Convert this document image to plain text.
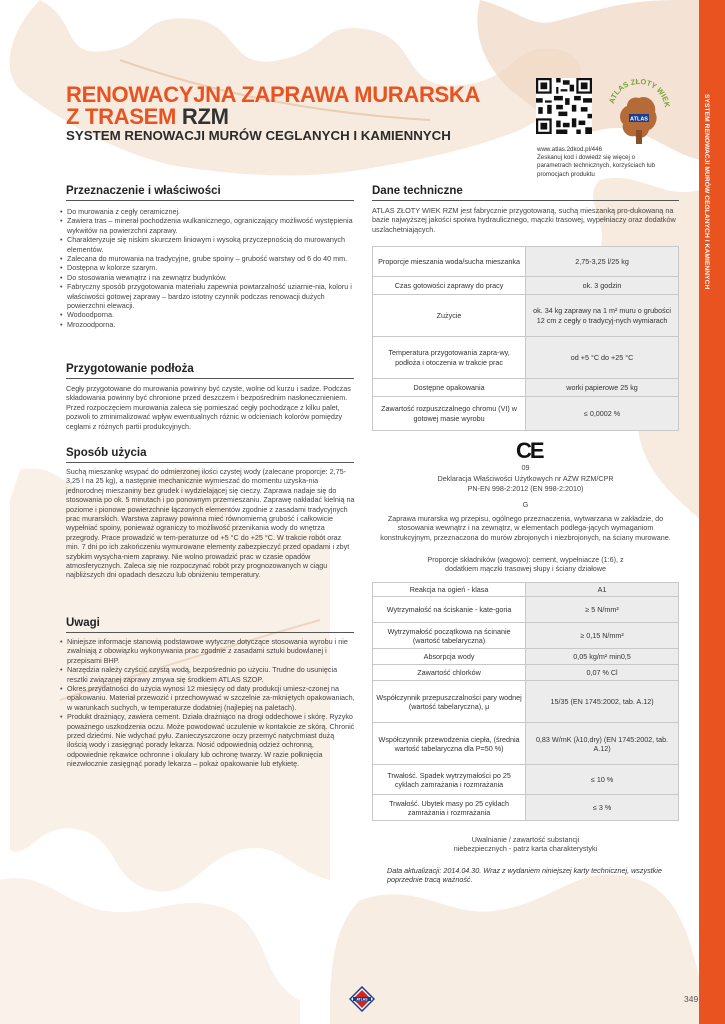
SYSTEM RENOWACJI MURÓW CEGLANYCH I KAMIENNYCH
RENOWACYJNA ZAPRAWA MURARSKA
Z TRASEM RZM
SYSTEM RENOWACJI MURÓW CEGLANYCH I KAMIENNYCH
ATLAS ZŁOTY WIEK
ATLAS
www.atlas.2dkod.pl/446
Zeskanuj kod i dowiedz się więcej o parametrach technicznych, korzyściach lub promocjach produktu
Przeznaczenie i właściwości
• Do murowania z cegły ceramicznej.
• Zawiera tras – minerał pochodzenia wulkanicznego, ograniczający możliwość występienia wykwitów na powierzchni zaprawy.
• Charakteryzuje się niskim skurczem liniowym i wysoką przyczepnością do murowanych elementów.
• Zalecana do murowania na tradycyjne, grube spoiny – grubość warstwy od 6 do 40 mm.
• Dostępna w kolorze szarym.
• Do stosowania wewnątrz i na zewnątrz budynków.
• Fabryczny sposób przygotowania materiału zapewnia powtarzalność uziarnie-nia, koloru i właściwości gotowej zaprawy – bardzo istotny czynnik podczas renowacji dużych powierzchni elewacji.
• Wodoodporna.
• Mrozoodporna.
Przygotowanie podłoża
Cegły przygotowane do murowania powinny być czyste, wolne od kurzu i sadze. Podczas składowania powinny być chronione przed deszczem i bezpośrednim nasłonecznieniem. Przed rozpoczęciem murowania zaleca się pomieszać cegły pochodzące z kilku palet, pozwoli to zminimalizować wpływ ewentualnych różnic w odcieniach kolorów pomiędzy cegłami z różnych partii produkcyjnych.
Sposób użycia
Suchą mieszankę wsypać do odmierzonej ilości czystej wody (zalecane proporcje: 2,75-3,25 l na 25 kg), a następnie mechanicznie wymieszać do momentu uzyska-nia jednorodnej mieszaniny bez grudek i wydzielającej się cieczy. Zaprawa nadaje się do stosowania po ok. 5 minutach i po ponownym przemieszaniu. Zaprawę nakładać kielnią na poziome i pionowe powierzchnie łączonych elementów zgodnie z zasadami tradycyjnych prac murarskich. Warstwa zaprawy powinna mieć równomierną grubość i całkowicie wypełniać spoiny, ponieważ ograniczy to możliwość przenikania wody do wnętrza przegrody. Prace prowadzić w tem-peraturze od +5 °C do +25 °C. W trakcie robót oraz min. 7 dni po ich zakończeniu wymurowane elementy zabezpieczyć przed opadami i zbyt szybkim wysycha-niem zaprawy. Nie wolno prowadzić prac w czasie opadów atmosferycznych. Zaleca się nie rozpoczynać robót przy prognozowanych w ciągu najbliższych dni opadach deszczu lub obniżeniu temperatury.
Uwagi
• Niniejsze informacje stanowią podstawowe wytyczne dotyczące stosowania wyrobu i nie zwalniają z obowiązku wykonywania prac zgodnie z zasadami sztuki budowlanej i przepisami BHP.
• Narzędzia należy czyścić czystą wodą, bezpośrednio po użyciu. Trudne do usunięcia resztki związanej zaprawy zmywa się środkiem ATLAS SZOP.
• Okres przydatności do użycia wynosi 12 miesięcy od daty produkcji umiesz-czonej na opakowaniu. Materiał przewozić i przechowywać w szczelnie za-mkniętych opakowaniach, w warunkach suchych, w temperaturze dodatniej (najlepiej na paletach).
• Produkt drażniący, zawiera cement. Działa drażniąco na drogi oddechowe i skórę. Ryzyko poważnego uszkodzenia oczu. Może powodować uczulenie w kontakcie ze skórą. Chronić przed dziećmi. Nie wdychać pyłu. Zanieczyszczone oczy przemyć natychmiast dużą ilością wody i zasięgnąć porady lekarza. Nosić odpowiednią odzież ochronną, odpowiednie rękawice ochronne i okulary lub ochronę twarzy. W razie połknięcia niezwłocznie zasięgnąć porady lekarza – pokaż opakowanie lub etykietę.
Dane techniczne
ATLAS ZŁOTY WIEK RZM jest fabrycznie przygotowaną, suchą mieszanką pro-dukowaną na bazie najwyższej jakości spoiwa hydraulicznego, mączki trasowej, wypełniaczy oraz dodatków uszlachetniających.
Proporcje mieszania woda/sucha mieszanka	2,75-3,25 l/25 kg
Czas gotowości zaprawy do pracy	ok. 3 godzin
Zużycie	ok. 34 kg zaprawy na 1 m² muru o grubości 12 cm z cegły o tradycyj-nych wymiarach
Temperatura przygotowania zapra-wy, podłoża i otoczenia w trakcie prac	od +5 °C do +25 °C
Dostępne opakowania	worki papierowe 25 kg
Zawartość rozpuszczalnego chromu (VI) w gotowej masie wyrobu	≤ 0,0002 %
CE
09
Deklaracja Właściwości Użytkowych nr AŻW RZM/CPR
PN-EN 998-2:2012 (EN 998-2:2010)
G
Zaprawa murarska wg przepisu, ogólnego przeznaczenia, wytwarzana w zakładzie, do stosowania wewnątrz i na zewnątrz, w elementach podlega-jących wymaganiom konstrukcyjnym, przeznaczona do murów zbrojonych i niezbrojonych, na ściany murowane.
Proporcje składników (wagowo): cement, wypełniacze (1:6), z dodatkiem mączki trasowej słupy i ściany działowe
Reakcja na ogień - klasa	A1
Wytrzymałość na ściskanie - kate-goria	≥ 5 N/mm²
Wytrzymałość początkowa na ścinanie (wartość tabelaryczna)	≥ 0,15 N/mm²
Absorpcja wody	0,05 kg/m² min0,5
Zawartość chlorków	0,07 % Cl
Współczynnik przepuszczalności pary wodnej (wartość tabelaryczna), μ	15/35 (EN 1745:2002, tab. A.12)
Współczynnik przewodzenia ciepła, (średnia wartość tabelaryczna dla P=50 %)	0,83 W/mK (λ10,dry) (EN 1745:2002, tab. A.12)
Trwałość. Spadek wytrzymałości po 25 cyklach zamrażania i rozmrażania	≤ 10 %
Trwałość. Ubytek masy po 25 cyklach zamrażania i rozmrażania	≤ 3 %
Uwalnianie / zawartość substancji niebezpiecznych - patrz karta charakterystyki
Data aktualizacji: 2014.04.30. Wraz z wydaniem niniejszej karty technicznej, wszystkie poprzednie tracą ważność.
ATLAS	349
